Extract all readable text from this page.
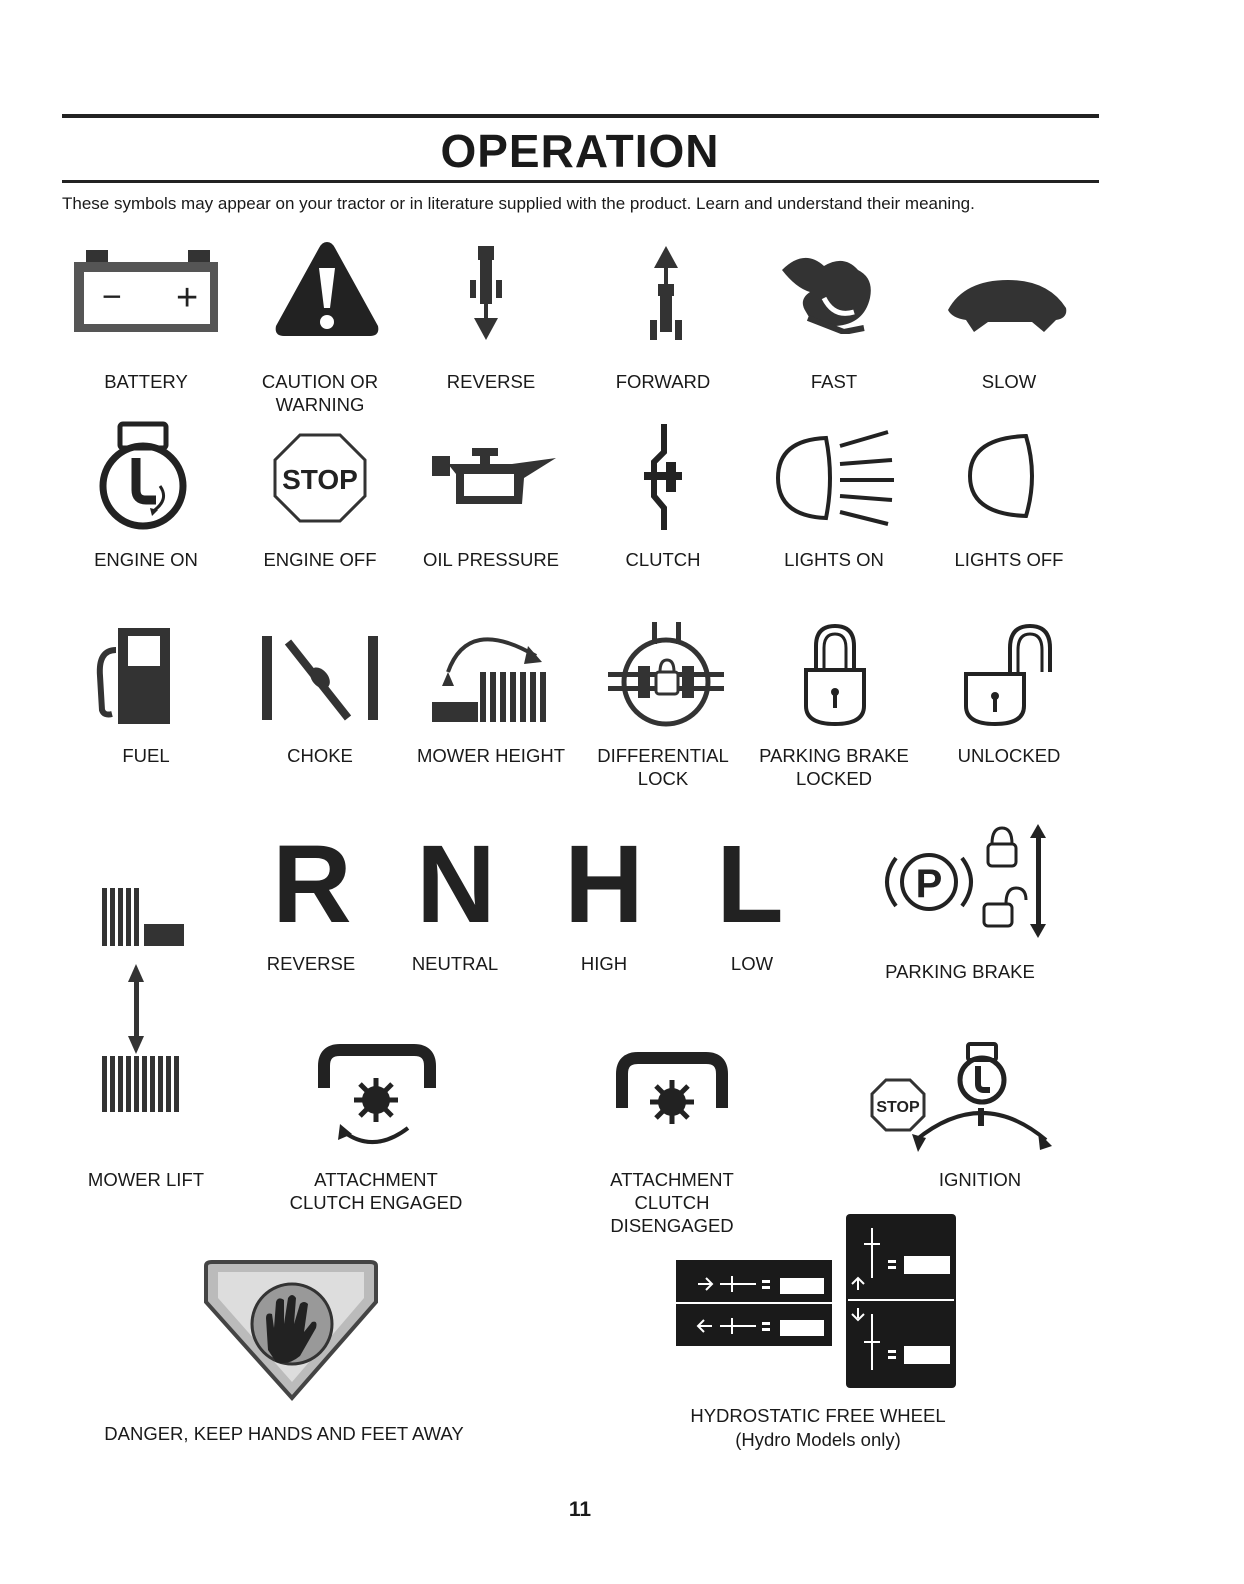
OPERATION
These symbols may appear on your tractor or in literature supplied with the product. Learn and understand their meaning.
− +
BATTERY	CAUTION OR
WARNING
REVERSE	FORWARD	FAST	SLOW
ENGINE ON
STOP
ENGINE OFF	OIL PRESSURE	CLUTCH	LIGHTS ON	LIGHTS OFF
FUEL	CHOKE	MOWER HEIGHT	DIFFERENTIAL
LOCK
PARKING BRAKE
LOCKED
UNLOCKED
R
REVERSE
N
NEUTRAL
H
HIGH
L
LOW
P
PARKING BRAKE
MOWER LIFT	ATTACHMENT
CLUTCH ENGAGED
ATTACHMENT
CLUTCH DISENGAGED
STOP
IGNITION
DANGER, KEEP HANDS AND FEET AWAY
HYDROSTATIC FREE WHEEL
(Hydro Models only)
11
